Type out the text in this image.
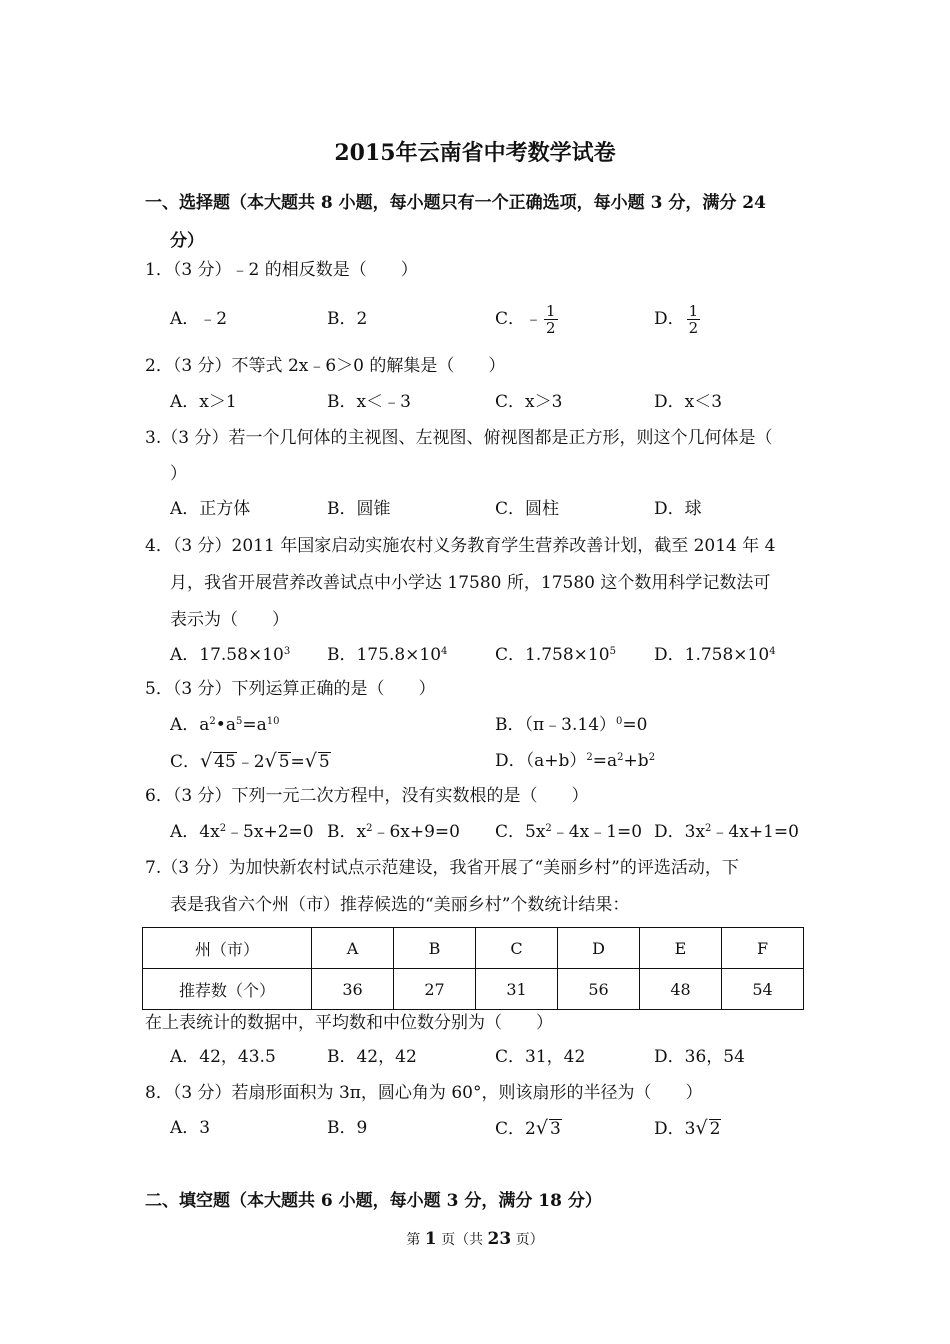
2015年云南省中考数学试卷
一、选择题（本大题共 8 小题，每小题只有一个正确选项，每小题 3 分，满分 24
分）
1．（3 分）﹣2 的相反数是（　　）
A．﹣2	B．2	C．﹣ $\frac{1}{2}$	D． $\frac{1}{2}$
2．（3 分）不等式 2x﹣6＞0 的解集是（　　）
A．x＞1	B．x＜﹣3	C．x＞3	D．x＜3
3.（3 分）若一个几何体的主视图、左视图、俯视图都是正方形，则这个几何体是（
）
A．正方体	B．圆锥	C．圆柱	D．球
4．（3 分）2011 年国家启动实施农村义务教育学生营养改善计划，截至 2014 年 4
月，我省开展营养改善试点中小学达 17580 所，17580 这个数用科学记数法可
表示为（　　）
A．$17.58\times 10^3$ B．$175.8\times 10^4$	C．$1.758\times 10^5$ D．$1.758\times 10^4$
5．（3 分）下列运算正确的是（　　）
A．$a^2•a^5=a^{10}$	B．（π﹣3.14）$^0$=0
C．√ 45﹣2√ 5=√ 5	D．$(a+b)^2=a^2+b^2$
6．（3 分）下列一元二次方程中，没有实数根的是（　　）
A．$4x^2﹣5x+2=0$ B．$x^2﹣6x+9=0$ C．$5x^2﹣4x﹣1=0$ D．$3x^2﹣4x+1=0$
7.（3 分）为加快新农村试点示范建设，我省开展了“美丽乡村”的评选活动，下
表是我省六个州（市）推荐候选的“美丽乡村”个数统计结果：
州（市）	A	B	C	D	E	F
推荐数（个）	36	27	31	56	48	54
在上表统计的数据中，平均数和中位数分别为（　　）
A．42，43.5	B．42，42	C．31，42	D．36，54
8．（3 分）若扇形面积为 3π，圆心角为 60°，则该扇形的半径为（　　）
A．3	B．9	C．2√ 3	D．3√ 2
二、填空题（本大题共 6 小题，每小题 3 分，满分 18 分）
第 1 页（共 23 页）
